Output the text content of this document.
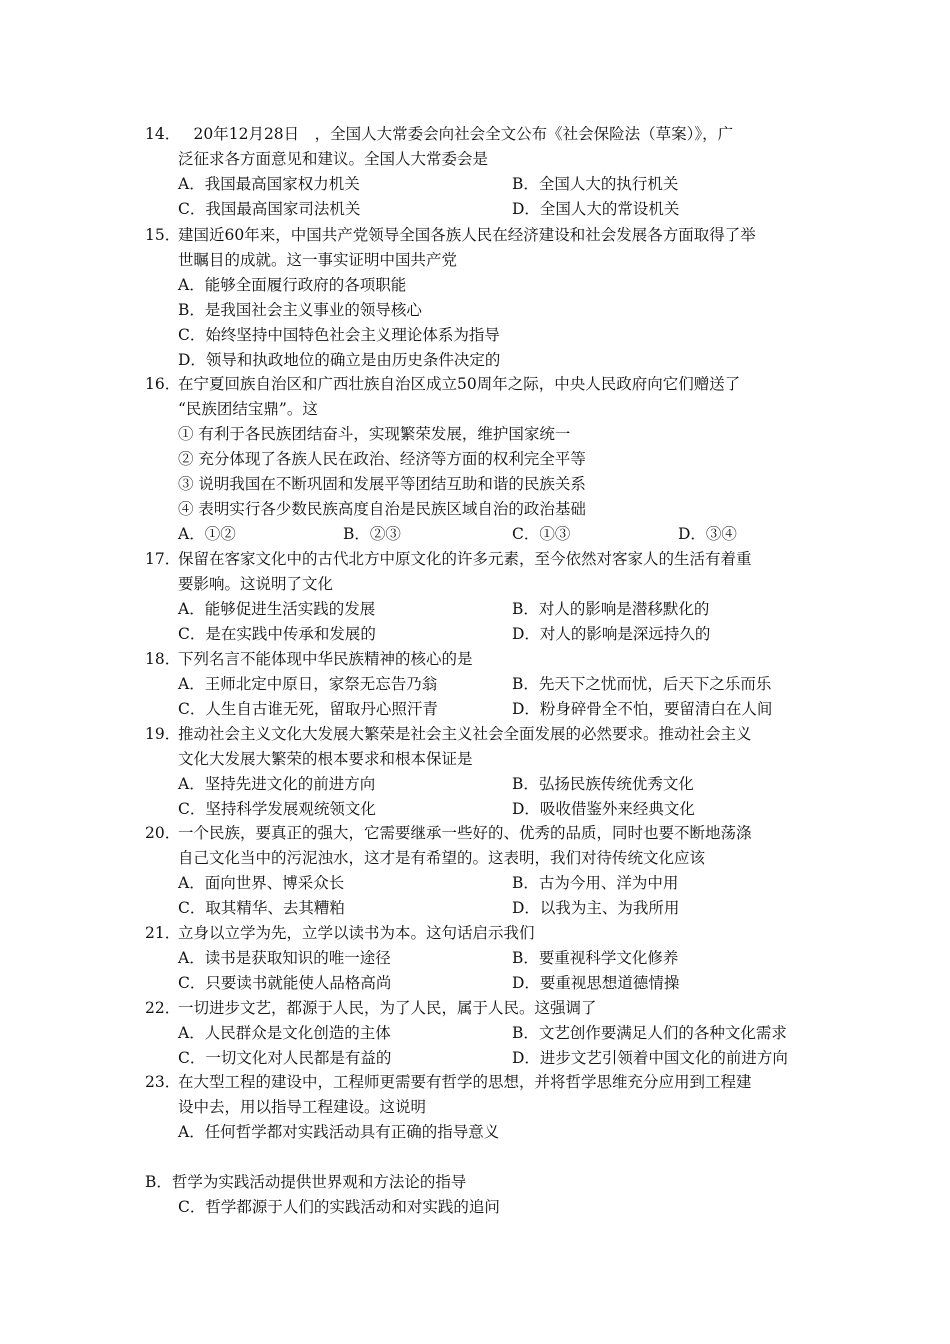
14．
　20年12月28日　，全国人大常委会向社会全文公布《社会保险法（草案）》，广
泛征求各方面意见和建议。全国人大常委会是
A．我国最高国家权力机关	B．全国人大的执行机关
C．我国最高国家司法机关	D．全国人大的常设机关
15．
建国近60年来，中国共产党领导全国各族人民在经济建设和社会发展各方面取得了举
世瞩目的成就。这一事实证明中国共产党
A．能够全面履行政府的各项职能
B．是我国社会主义事业的领导核心
C．始终坚持中国特色社会主义理论体系为指导
D．领导和执政地位的确立是由历史条件决定的
16．
在宁夏回族自治区和广西壮族自治区成立50周年之际，中央人民政府向它们赠送了
“民族团结宝鼎”。这
① 有利于各民族团结奋斗，实现繁荣发展，维护国家统一
② 充分体现了各族人民在政治、经济等方面的权利完全平等
③ 说明我国在不断巩固和发展平等团结互助和谐的民族关系
④ 表明实行各少数民族高度自治是民族区域自治的政治基础
A．①②	B．②③	C．①③	D．③④
17．
保留在客家文化中的古代北方中原文化的许多元素，至今依然对客家人的生活有着重
要影响。这说明了文化
A．能够促进生活实践的发展	B．对人的影响是潜移默化的
C．是在实践中传承和发展的	D．对人的影响是深远持久的
18．
下列名言不能体现中华民族精神的核心的是
A．王师北定中原日，家祭无忘告乃翁	B．先天下之忧而忧，后天下之乐而乐
C．人生自古谁无死，留取丹心照汗青	D．粉身碎骨全不怕，要留清白在人间
19．
推动社会主义文化大发展大繁荣是社会主义社会全面发展的必然要求。推动社会主义
文化大发展大繁荣的根本要求和根本保证是
A．坚持先进文化的前进方向	B．弘扬民族传统优秀文化
C．坚持科学发展观统领文化	D．吸收借鉴外来经典文化
20．
一个民族，要真正的强大，它需要继承一些好的、优秀的品质，同时也要不断地荡涤
自己文化当中的污泥浊水，这才是有希望的。这表明，我们对待传统文化应该
A．面向世界、博采众长	B．古为今用、洋为中用
C．取其精华、去其糟粕	D．以我为主、为我所用
21．
立身以立学为先，立学以读书为本。这句话启示我们
A．读书是获取知识的唯一途径	B．要重视科学文化修养
C．只要读书就能使人品格高尚	D．要重视思想道德情操
22．
一切进步文艺，都源于人民，为了人民，属于人民。这强调了
A．人民群众是文化创造的主体	B．文艺创作要满足人们的各种文化需求
C．一切文化对人民都是有益的	D．进步文艺引领着中国文化的前进方向
23．
在大型工程的建设中，工程师更需要有哲学的思想，并将哲学思维充分应用到工程建
设中去，用以指导工程建设。这说明
A．任何哲学都对实践活动具有正确的指导意义
B．哲学为实践活动提供世界观和方法论的指导
C．哲学都源于人们的实践活动和对实践的追问
